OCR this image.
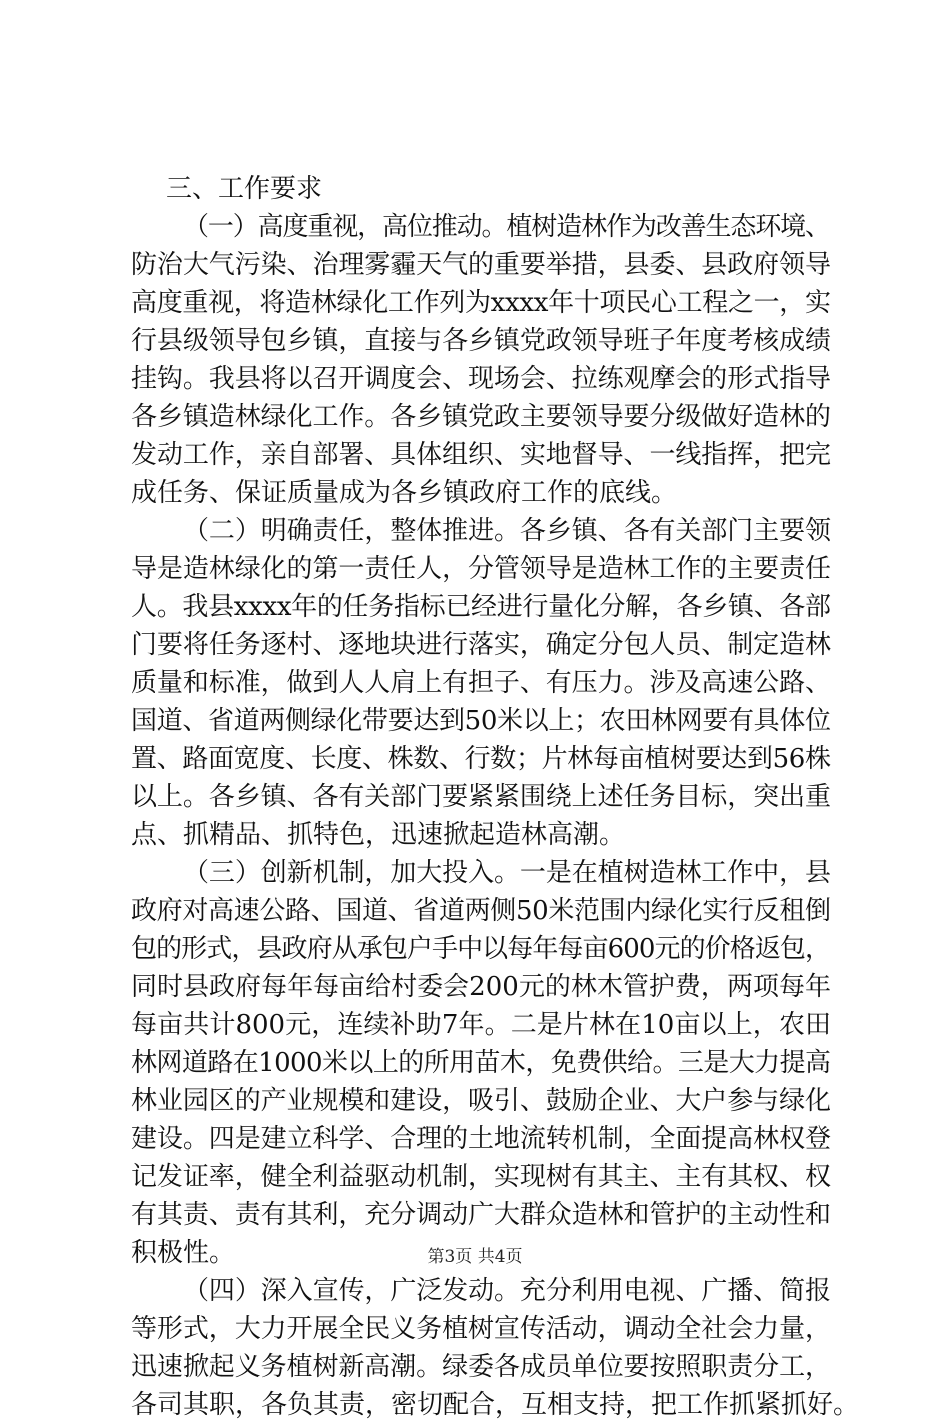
三、工作要求
（一）高度重视，高位推动。植树造林作为改善生态环境、
防治大气污染、治理雾霾天气的重要举措，县委、县政府领导
高度重视，将造林绿化工作列为xxxx年十项民心工程之一，实
行县级领导包乡镇，直接与各乡镇党政领导班子年度考核成绩
挂钩。我县将以召开调度会、现场会、拉练观摩会的形式指导
各乡镇造林绿化工作。各乡镇党政主要领导要分级做好造林的
发动工作，亲自部署、具体组织、实地督导、一线指挥，把完
成任务、保证质量成为各乡镇政府工作的底线。
（二）明确责任，整体推进。各乡镇、各有关部门主要领
导是造林绿化的第一责任人，分管领导是造林工作的主要责任
人。我县xxxx年的任务指标已经进行量化分解，各乡镇、各部
门要将任务逐村、逐地块进行落实，确定分包人员、制定造林
质量和标准，做到人人肩上有担子、有压力。涉及高速公路、
国道、省道两侧绿化带要达到50米以上；农田林网要有具体位
置、路面宽度、长度、株数、行数；片林每亩植树要达到56株
以上。各乡镇、各有关部门要紧紧围绕上述任务目标，突出重
点、抓精品、抓特色，迅速掀起造林高潮。
（三）创新机制，加大投入。一是在植树造林工作中，县
政府对高速公路、国道、省道两侧50米范围内绿化实行反租倒
包的形式，县政府从承包户手中以每年每亩600元的价格返包，
同时县政府每年每亩给村委会200元的林木管护费，两项每年
每亩共计800元，连续补助7年。二是片林在10亩以上，农田
林网道路在1000米以上的所用苗木，免费供给。三是大力提高
林业园区的产业规模和建设，吸引、鼓励企业、大户参与绿化
建设。四是建立科学、合理的土地流转机制，全面提高林权登
记发证率，健全利益驱动机制，实现树有其主、主有其权、权
有其责、责有其利，充分调动广大群众造林和管护的主动性和
积极性。
（四）深入宣传，广泛发动。充分利用电视、广播、简报
等形式，大力开展全民义务植树宣传活动，调动全社会力量，
迅速掀起义务植树新高潮。绿委各成员单位要按照职责分工，
各司其职，各负其责，密切配合，互相支持，把工作抓紧抓好。
第3页 共4页
